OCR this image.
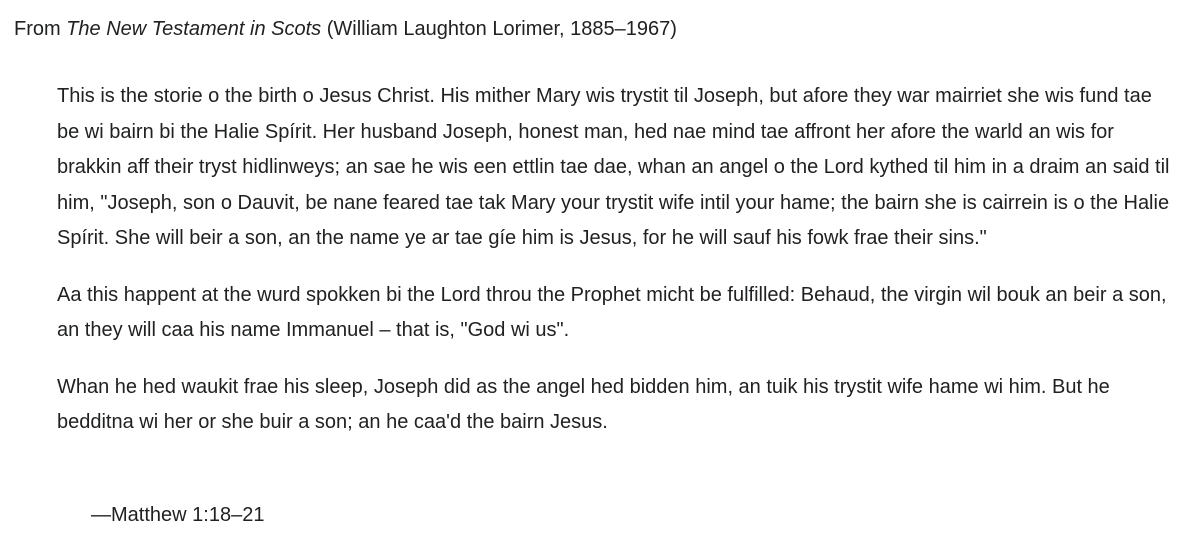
From The New Testament in Scots (William Laughton Lorimer, 1885–1967)

This is the storie o the birth o Jesus Christ. His mither Mary wis trystit til Joseph, but afore they war mairriet she wis fund tae be wi bairn bi the Halie Spírit. Her husband Joseph, honest man, hed nae mind tae affront her afore the warld an wis for brakkin aff their tryst hidlinweys; an sae he wis een ettlin tae dae, whan an angel o the Lord kythed til him in a draim an said til him, "Joseph, son o Dauvit, be nane feared tae tak Mary your trystit wife intil your hame; the bairn she is cairrein is o the Halie Spírit. She will beir a son, an the name ye ar tae gíe him is Jesus, for he will sauf his fowk frae their sins."

Aa this happent at the wurd spokken bi the Lord throu the Prophet micht be fulfilled: Behaud, the virgin wil bouk an beir a son, an they will caa his name Immanuel – that is, "God wi us".

Whan he hed waukit frae his sleep, Joseph did as the angel hed bidden him, an tuik his trystit wife hame wi him. But he bedditna wi her or she buir a son; an he caa'd the bairn Jesus.

—Matthew 1:18–21
